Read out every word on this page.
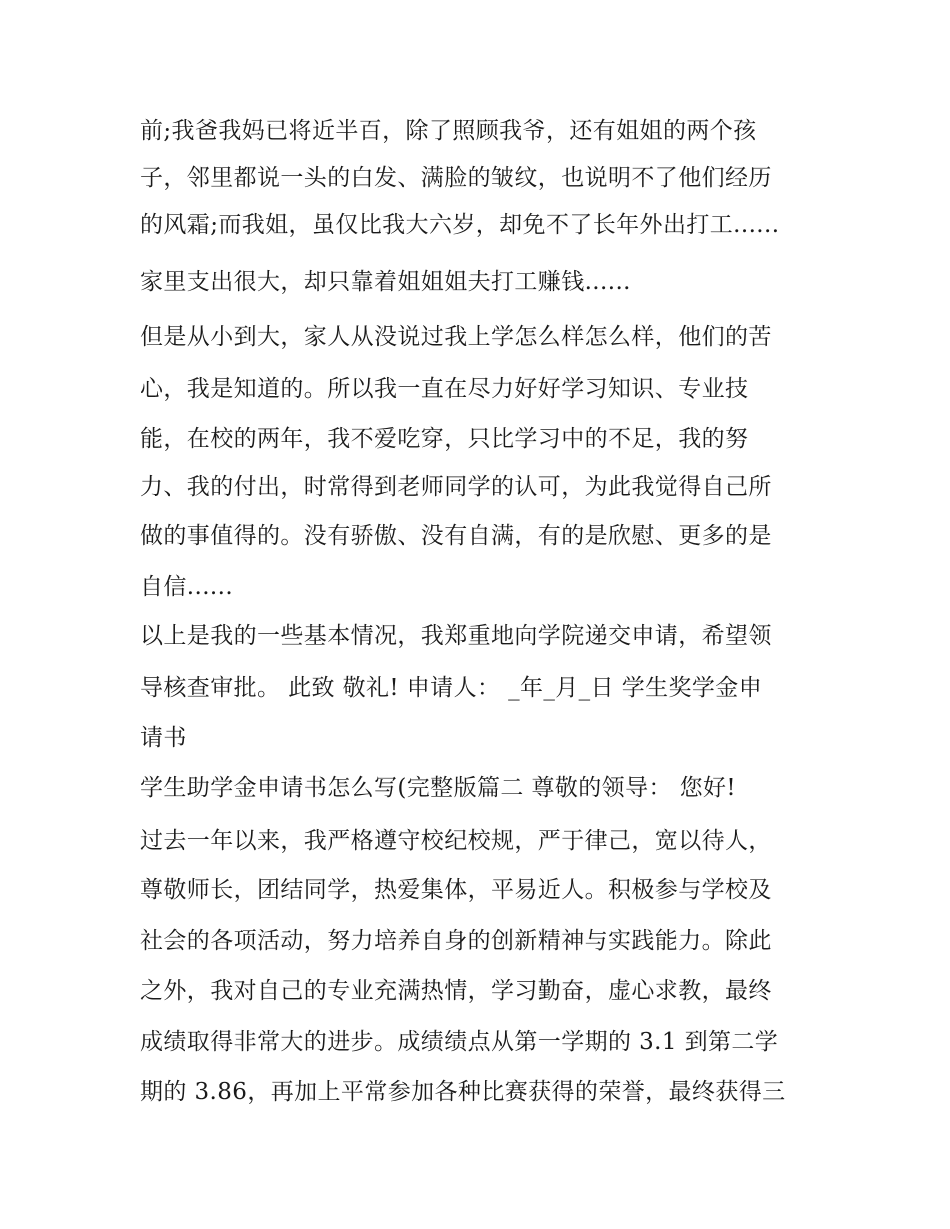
前;我爸我妈已将近半百，除了照顾我爷，还有姐姐的两个孩
子，邻里都说一头的白发、满脸的皱纹，也说明不了他们经历
的风霜;而我姐，虽仅比我大六岁，却免不了长年外出打工......
家里支出很大，却只靠着姐姐姐夫打工赚钱......
但是从小到大，家人从没说过我上学怎么样怎么样，他们的苦
心，我是知道的。所以我一直在尽力好好学习知识、专业技
能，在校的两年，我不爱吃穿，只比学习中的不足，我的努
力、我的付出，时常得到老师同学的认可，为此我觉得自己所
做的事值得的。没有骄傲、没有自满，有的是欣慰、更多的是
自信......
以上是我的一些基本情况，我郑重地向学院递交申请，希望领
导核查审批。 此致 敬礼! 申请人： _年_月_日 学生奖学金申
请书
学生助学金申请书怎么写(完整版篇二 尊敬的领导： 您好!
过去一年以来，我严格遵守校纪校规，严于律己，宽以待人，
尊敬师长，团结同学，热爱集体，平易近人。积极参与学校及
社会的各项活动，努力培养自身的创新精神与实践能力。除此
之外，我对自己的专业充满热情，学习勤奋，虚心求教，最终
成绩取得非常大的进步。成绩绩点从第一学期的 3.1 到第二学
期的 3.86，再加上平常参加各种比赛获得的荣誉，最终获得三
